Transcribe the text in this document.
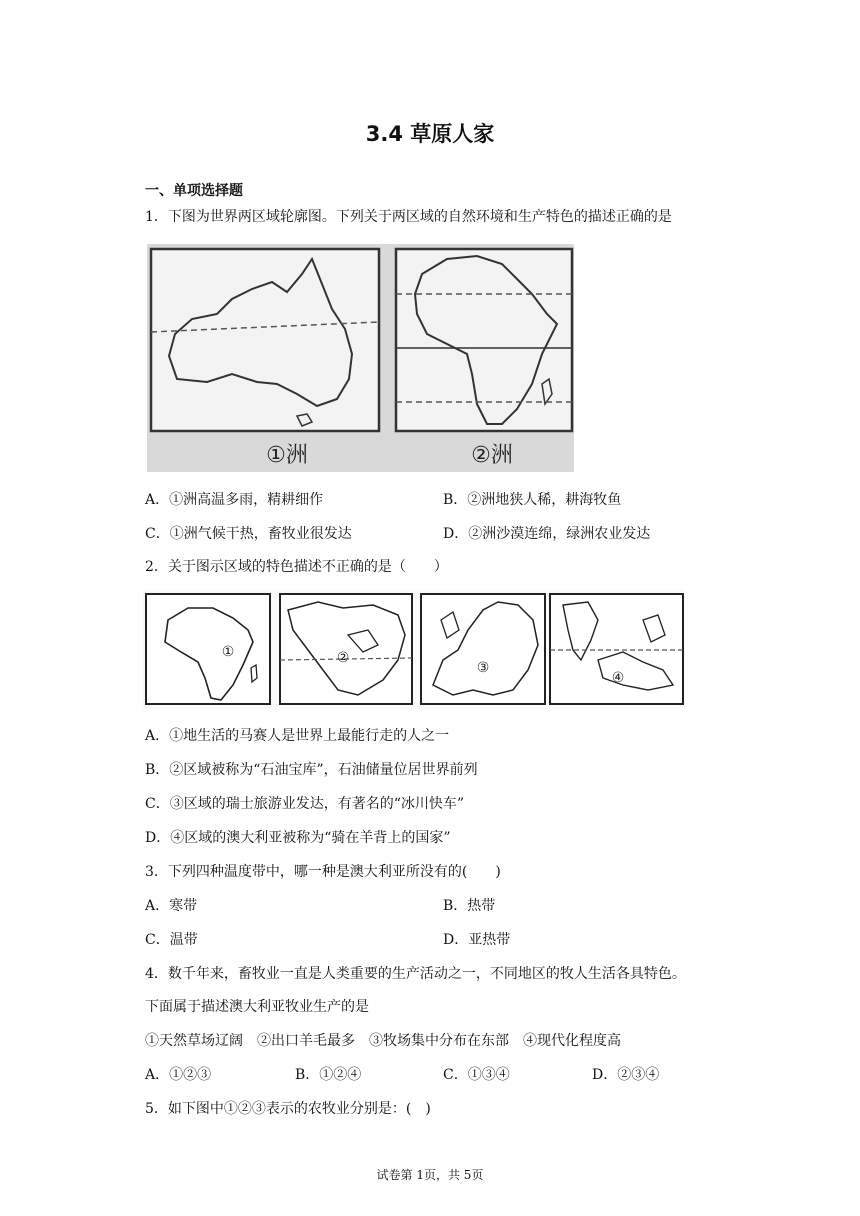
3.4 草原人家
一、单项选择题
1．下图为世界两区域轮廓图。下列关于两区域的自然环境和生产特色的描述正确的是
①洲	②洲
A．①洲高温多雨，精耕细作	B．②洲地狭人稀，耕海牧鱼
C．①洲气候干热，畜牧业很发达	D．②洲沙漠连绵，绿洲农业发达
2．关于图示区域的特色描述不正确的是（　　）
①	②
③
④
A．①地生活的马赛人是世界上最能行走的人之一
B．②区域被称为“石油宝库”，石油储量位居世界前列
C．③区域的瑞士旅游业发达，有著名的“冰川快车”
D．④区域的澳大利亚被称为“骑在羊背上的国家”
3．下列四种温度带中，哪一种是澳大利亚所没有的(　　)
A．寒带	B．热带
C．温带	D．亚热带
4．数千年来，畜牧业一直是人类重要的生产活动之一，不同地区的牧人生活各具特色。
下面属于描述澳大利亚牧业生产的是
①天然草场辽阔　②出口羊毛最多　③牧场集中分布在东部　④现代化程度高
A．①②③	B．①②④	C．①③④	D．②③④
5．如下图中①②③表示的农牧业分别是：(　)
试卷第 1页，共 5页
